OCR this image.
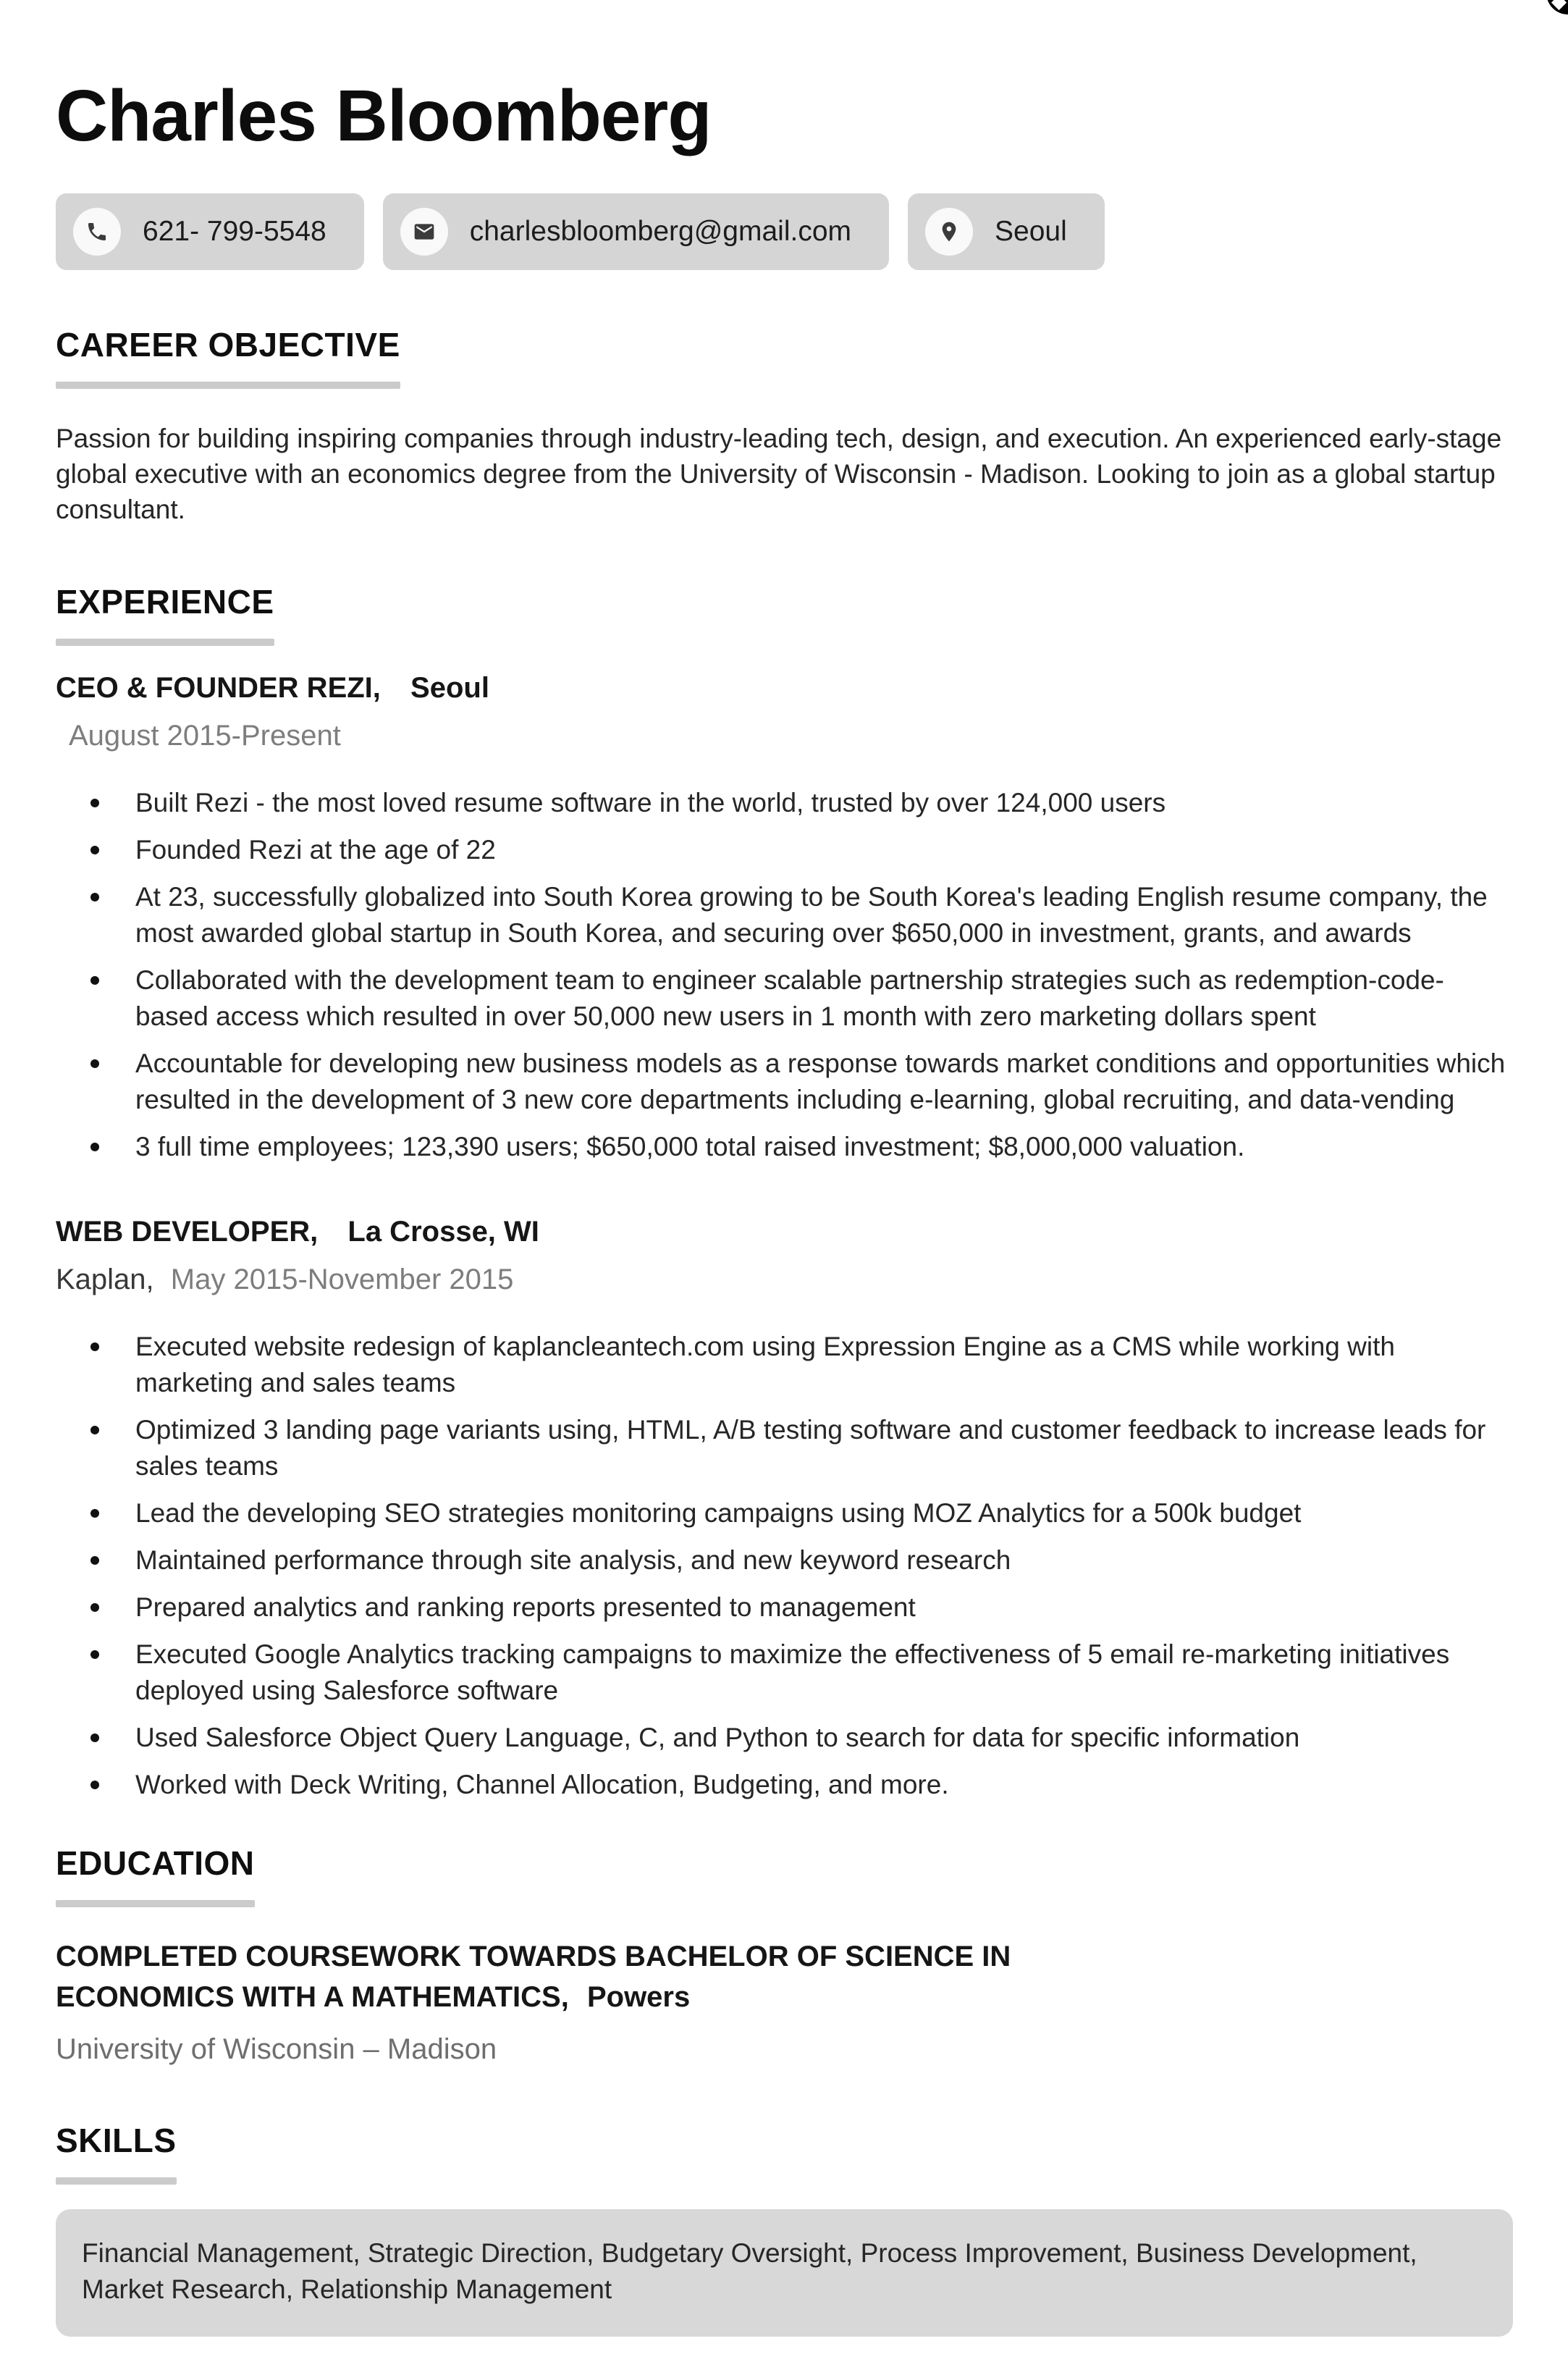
Charles Bloomberg
621- 799-5548	charlesbloomberg@gmail.com	Seoul
CAREER OBJECTIVE

Passion for building inspiring companies through industry-leading tech, design, and execution. An experienced early-stage global executive with an economics degree from the University of Wisconsin - Madison. Looking to join as a global startup consultant.

EXPERIENCE
CEO & FOUNDER REZI, Seoul

August 2015-Present

Built Rezi - the most loved resume software in the world, trusted by over 124,000 users
Founded Rezi at the age of 22
At 23, successfully globalized into South Korea growing to be South Korea's leading English resume company, the most awarded global startup in South Korea, and securing over $650,000 in investment, grants, and awards
Collaborated with the development team to engineer scalable partnership strategies such as redemption-code-based access which resulted in over 50,000 new users in 1 month with zero marketing dollars spent
Accountable for developing new business models as a response towards market conditions and opportunities which resulted in the development of 3 new core departments including e-learning, global recruiting, and data-vending
3 full time employees; 123,390 users; $650,000 total raised investment; $8,000,000 valuation.
WEB DEVELOPER, La Crosse, WI

Kaplan, May 2015-November 2015

Executed website redesign of kaplancleantech.com using Expression Engine as a CMS while working with marketing and sales teams
Optimized 3 landing page variants using, HTML, A/B testing software and customer feedback to increase leads for sales teams
Lead the developing SEO strategies monitoring campaigns using MOZ Analytics for a 500k budget
Maintained performance through site analysis, and new keyword research
Prepared analytics and ranking reports presented to management
Executed Google Analytics tracking campaigns to maximize the effectiveness of 5 email re-marketing initiatives deployed using Salesforce software
Used Salesforce Object Query Language, C, and Python to search for data for specific information
Worked with Deck Writing, Channel Allocation, Budgeting, and more.
EDUCATION

COMPLETED COURSEWORK TOWARDS BACHELOR OF SCIENCE IN ECONOMICS WITH A MATHEMATICS, Powers

University of Wisconsin – Madison

SKILLS

Financial Management, Strategic Direction, Budgetary Oversight, Process Improvement, Business Development, Market Research, Relationship Management
